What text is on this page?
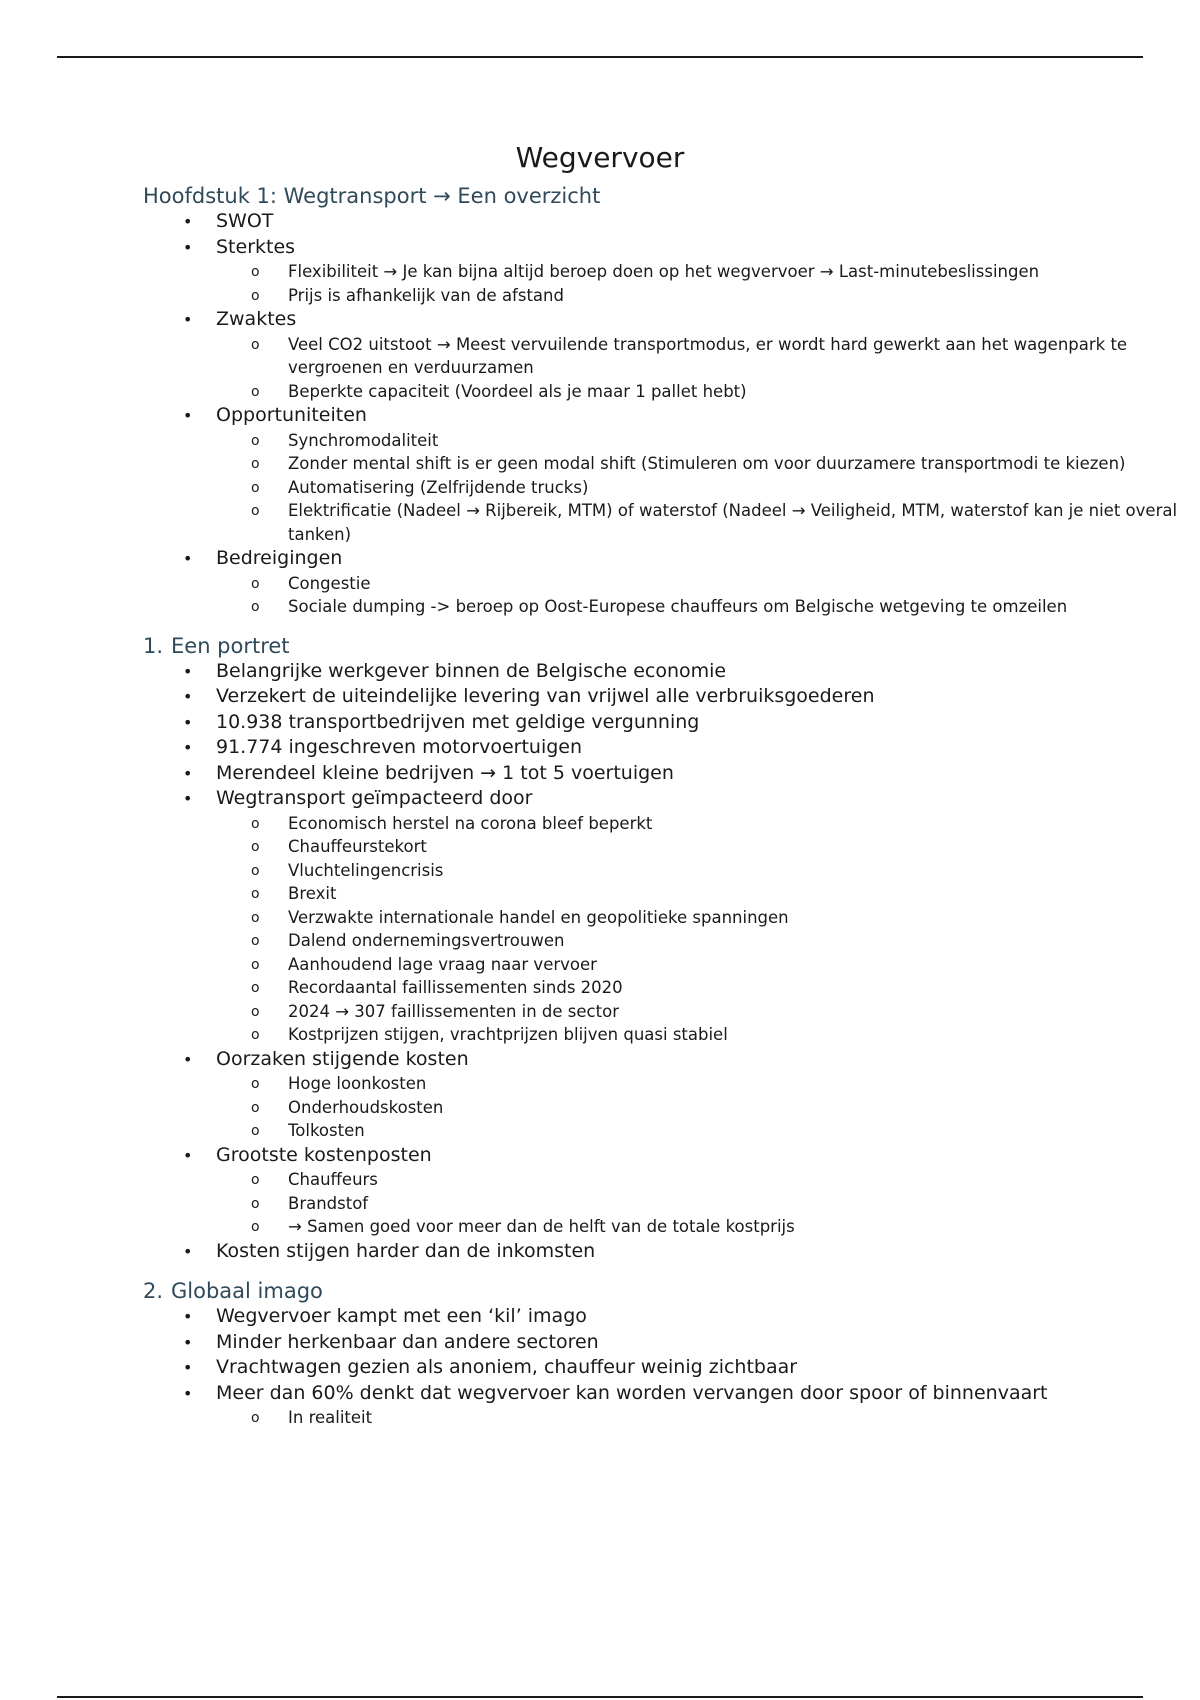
Wegvervoer
Hoofdstuk 1: Wegtransport → Een overzicht
• SWOT
• Sterktes
o Flexibiliteit → Je kan bijna altijd beroep doen op het wegvervoer → Last-minutebeslissingen
o Prijs is afhankelijk van de afstand
• Zwaktes
o Veel CO2 uitstoot → Meest vervuilende transportmodus, er wordt hard gewerkt aan het wagenpark te vergroenen en verduurzamen
o Beperkte capaciteit (Voordeel als je maar 1 pallet hebt)
• Opportuniteiten
o Synchromodaliteit
o Zonder mental shift is er geen modal shift (Stimuleren om voor duurzamere transportmodi te kiezen)
o Automatisering (Zelfrijdende trucks)
o Elektrificatie (Nadeel → Rijbereik, MTM) of waterstof (Nadeel → Veiligheid, MTM, waterstof kan je niet overal tanken)
• Bedreigingen
o Congestie
o Sociale dumping -> beroep op Oost-Europese chauffeurs om Belgische wetgeving te omzeilen
1. Een portret
• Belangrijke werkgever binnen de Belgische economie
• Verzekert de uiteindelijke levering van vrijwel alle verbruiksgoederen
• 10.938 transportbedrijven met geldige vergunning
• 91.774 ingeschreven motorvoertuigen
• Merendeel kleine bedrijven → 1 tot 5 voertuigen
• Wegtransport geïmpacteerd door
o Economisch herstel na corona bleef beperkt
o Chauffeurstekort
o Vluchtelingencrisis
o Brexit
o Verzwakte internationale handel en geopolitieke spanningen
o Dalend ondernemingsvertrouwen
o Aanhoudend lage vraag naar vervoer
o Recordaantal faillissementen sinds 2020
o 2024 → 307 faillissementen in de sector
o Kostprijzen stijgen, vrachtprijzen blijven quasi stabiel
• Oorzaken stijgende kosten
o Hoge loonkosten
o Onderhoudskosten
o Tolkosten
• Grootste kostenposten
o Chauffeurs
o Brandstof
o → Samen goed voor meer dan de helft van de totale kostprijs
• Kosten stijgen harder dan de inkomsten
2. Globaal imago
• Wegvervoer kampt met een ‘kil’ imago
• Minder herkenbaar dan andere sectoren
• Vrachtwagen gezien als anoniem, chauffeur weinig zichtbaar
• Meer dan 60% denkt dat wegvervoer kan worden vervangen door spoor of binnenvaart
o In realiteit
